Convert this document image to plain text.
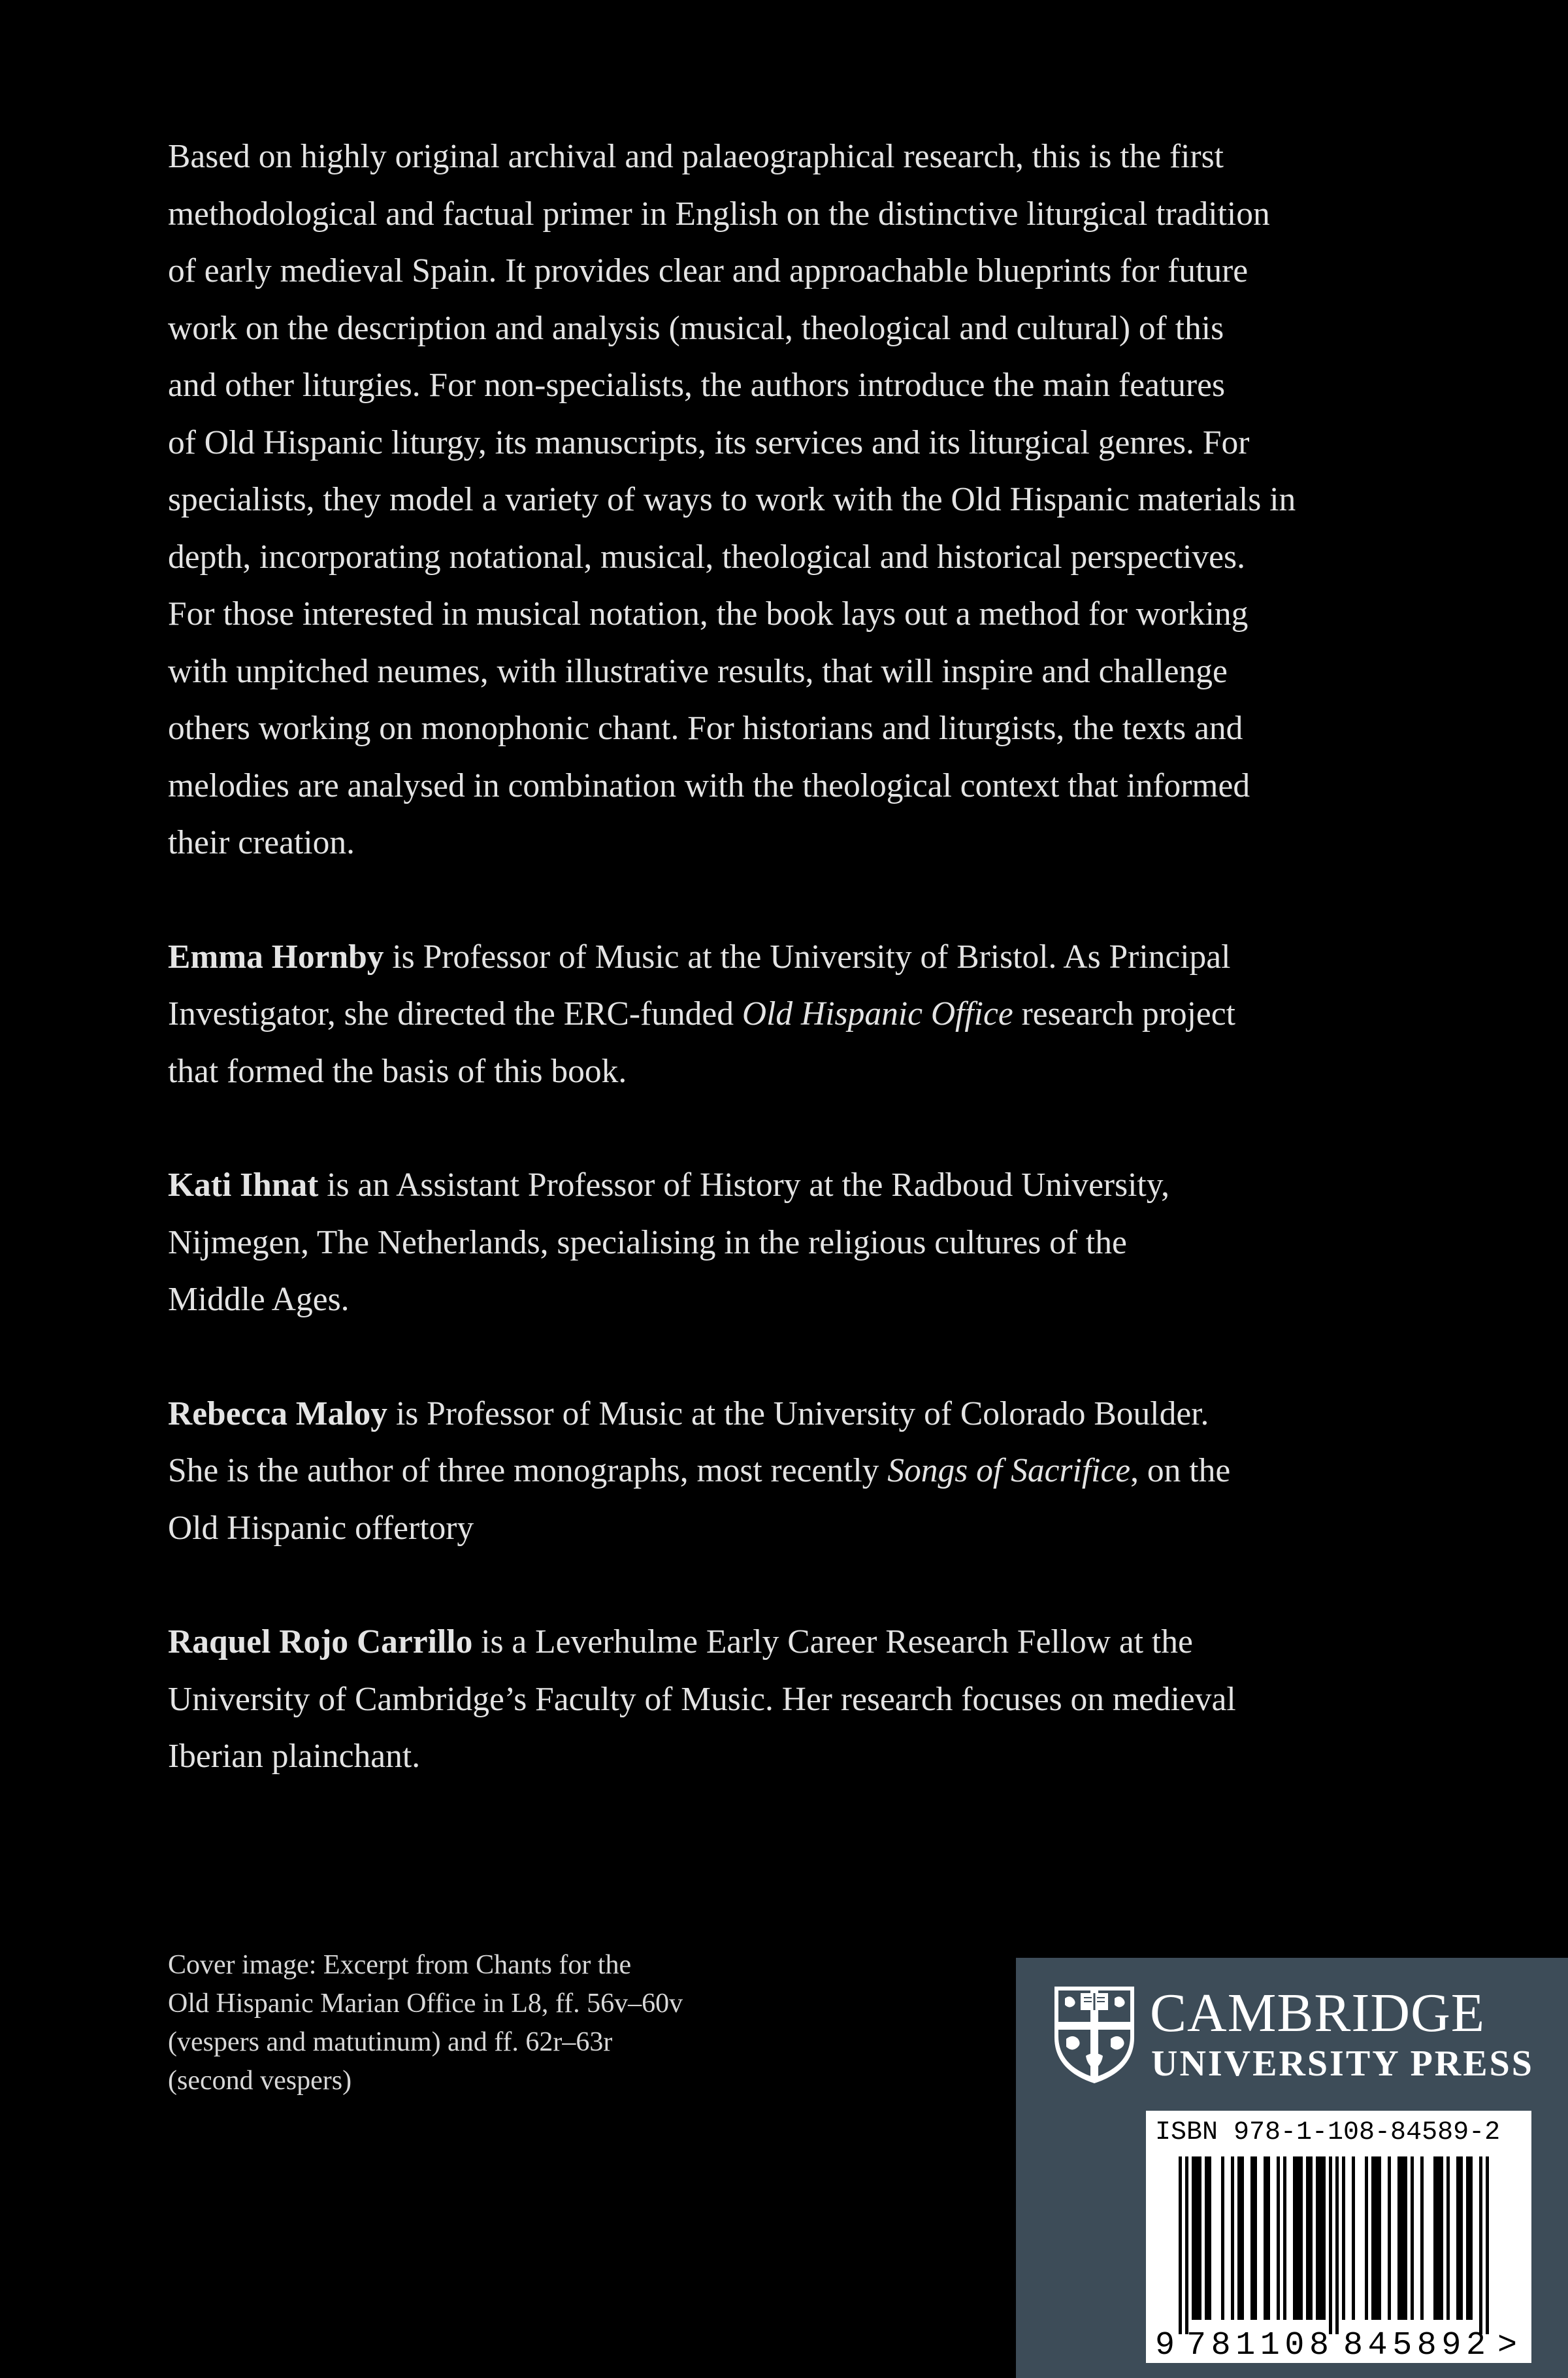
Based on highly original archival and palaeographical research, this is the first
methodological and factual primer in English on the distinctive liturgical tradition
of early medieval Spain. It provides clear and approachable blueprints for future
work on the description and analysis (musical, theological and cultural) of this
and other liturgies. For non-specialists, the authors introduce the main features
of Old Hispanic liturgy, its manuscripts, its services and its liturgical genres. For
specialists, they model a variety of ways to work with the Old Hispanic materials in
depth, incorporating notational, musical, theological and historical perspectives.
For those interested in musical notation, the book lays out a method for working
with unpitched neumes, with illustrative results, that will inspire and challenge
others working on monophonic chant. For historians and liturgists, the texts and
melodies are analysed in combination with the theological context that informed
their creation.
Emma Hornby is Professor of Music at the University of Bristol. As Principal
Investigator, she directed the ERC-funded Old Hispanic Office research project
that formed the basis of this book.
Kati Ihnat is an Assistant Professor of History at the Radboud University,
Nijmegen, The Netherlands, specialising in the religious cultures of the
Middle Ages.
Rebecca Maloy is Professor of Music at the University of Colorado Boulder.
She is the author of three monographs, most recently Songs of Sacrifice, on the
Old Hispanic offertory
Raquel Rojo Carrillo is a Leverhulme Early Career Research Fellow at the
University of Cambridge’s Faculty of Music. Her research focuses on medieval
Iberian plainchant.
Cover image: Excerpt from Chants for the
Old Hispanic Marian Office in L8, ff. 56v–60v
(vespers and matutinum) and ff. 62r–63r
(second vespers)
CAMBRIDGE
UNIVERSITY PRESS
9 781108 845892 >
ISBN 978-1-108-84589-2
